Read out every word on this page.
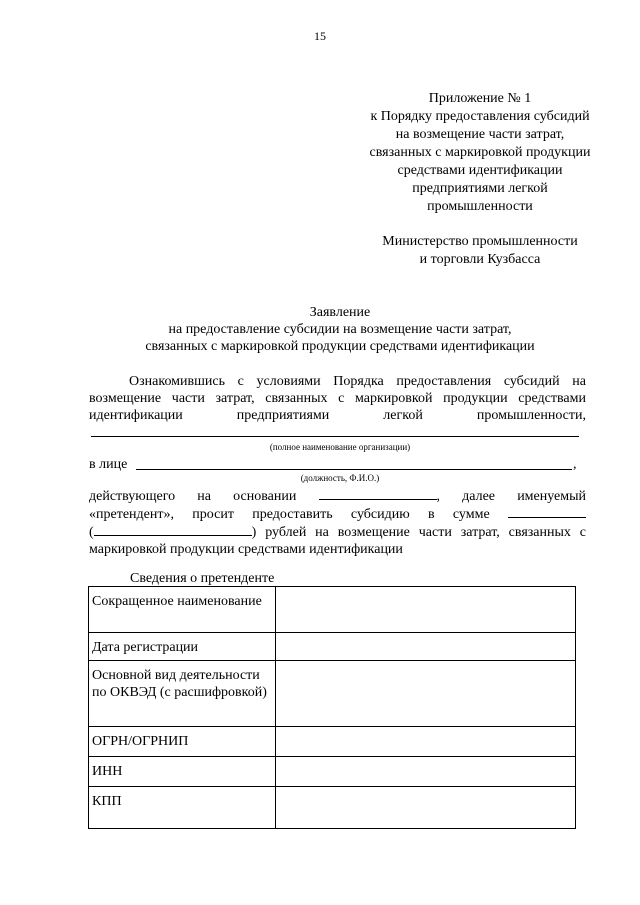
15
Приложение № 1
к Порядку предоставления субсидий
на возмещение части затрат,
связанных с маркировкой продукции
средствами идентификации
предприятиями легкой
промышленности
Министерство промышленности
и торговли Кузбасса
Заявление
на предоставление субсидии на возмещение части затрат,
связанных с маркировкой продукции средствами идентификации
Ознакомившись с условиями Порядка предоставления субсидий на
возмещение части затрат, связанных с маркировкой продукции средствами
идентификации предприятиями легкой промышленности,
(полное наименование организации)
в лице	,
(должность, Ф.И.О.)
действующего на основании	, далее именуемый
«претендент», просит предоставить субсидию в сумме
(	) рублей на возмещение части затрат, связанных с
маркировкой продукции средствами идентификации
Сведения о претенденте
Сокращенное наименование	
Дата регистрации	
Основной вид деятельности по ОКВЭД (с расшифровкой)	
ОГРН/ОГРНИП	
ИНН	
КПП	
